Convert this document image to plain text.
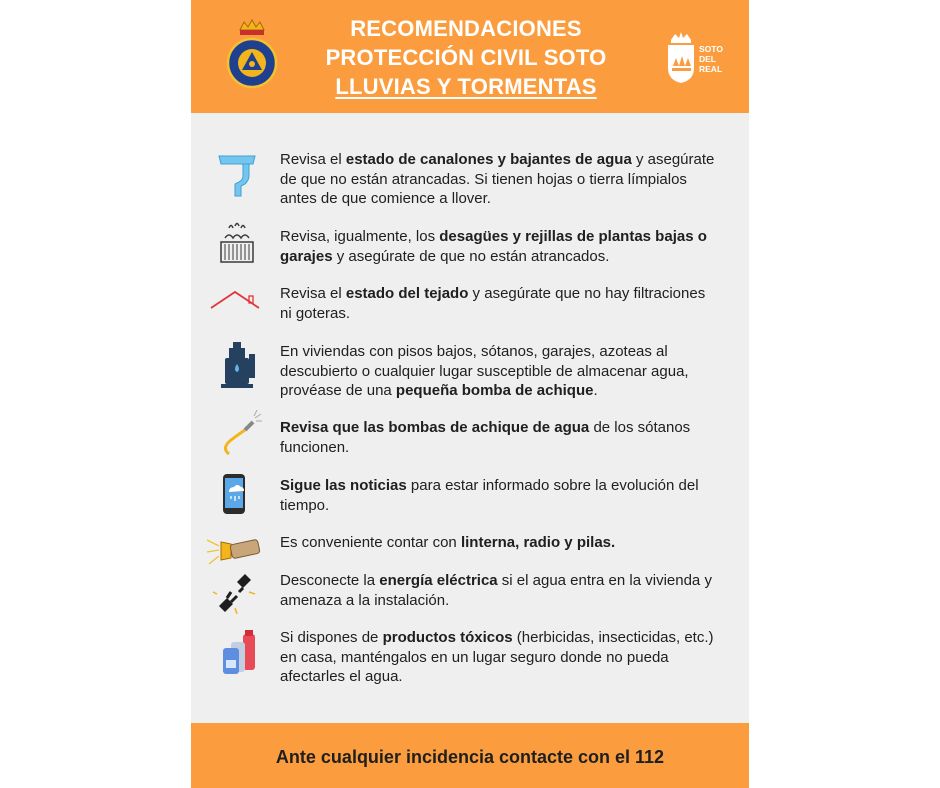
RECOMENDACIONES
PROTECCIÓN CIVIL SOTO
LLUVIAS Y TORMENTAS
SOTO
DEL
REAL
Revisa el estado de canalones y bajantes de agua y asegúrate de que no están atrancadas. Si tienen hojas o tierra límpialos antes de que comience a llover.
Revisa, igualmente, los desagües y rejillas de plantas bajas o garajes y asegúrate de que no están atrancados.
Revisa el estado del tejado y asegúrate que no hay filtraciones ni goteras.
En viviendas con pisos bajos, sótanos, garajes, azoteas al descubierto o cualquier lugar susceptible de almacenar agua, provéase de una pequeña bomba de achique.
Revisa que las bombas de achique de agua de los sótanos funcionen.
Sigue las noticias para estar informado sobre la evolución del tiempo.
Es conveniente contar con linterna, radio y pilas.
Desconecte la energía eléctrica si el agua entra en la vivienda y amenaza a la instalación.
Si dispones de productos tóxicos (herbicidas, insecticidas, etc.) en casa, manténgalos en un lugar seguro donde no pueda afectarles el agua.
Ante cualquier incidencia contacte con el 112
